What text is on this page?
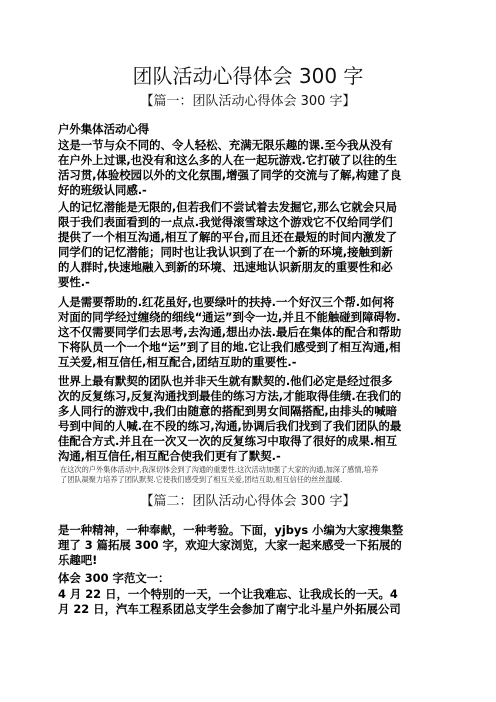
团队活动心得体会 300 字
【篇一：团队活动心得体会 300 字】
户外集体活动心得
这是一节与众不同的、令人轻松、充满无限乐趣的课.至今我从没有
在户外上过课,也没有和这么多的人在一起玩游戏.它打破了以往的生
活习贯,体验校园以外的文化氛围,增强了同学的交流与了解,构建了良
好的班级认同感.-
人的记忆潜能是无限的,但若我们不尝试着去发掘它,那么它就会只局
限于我们表面看到的一点点.我觉得滚雪球这个游戏它不仅给同学们
提供了一个相互沟通,相互了解的平台,而且还在最短的时间内激发了
同学们的记忆潜能；同时也让我认识到了在一个新的环境,接触到新
的人群时,快速地融入到新的环境、迅速地认识新朋友的重要性和必
要性.-
人是需要帮助的.红花虽好,也要绿叶的扶持.一个好汉三个帮.如何将
对面的同学经过缠绕的细线“通运”到令一边,并且不能触碰到障碍物.
这不仅需要同学们去思考,去沟通,想出办法.最后在集体的配合和帮助
下将队员一个一个地“运”到了目的地.它让我们感受到了相互沟通,相
互关爱,相互信任,相互配合,团结互助的重要性.-
世界上最有默契的团队也并非天生就有默契的.他们必定是经过很多
次的反复练习,反复沟通找到最佳的练习方法,才能取得佳绩.在我们的
多人同行的游戏中,我们由随意的搭配到男女间隔搭配,由排头的喊暗
号到中间的人喊.在不段的练习,沟通,协调后我们找到了我们团队的最
佳配合方式.并且在一次又一次的反复练习中取得了很好的成果.相互
沟通,相互信任,相互配合使我们更有了默契.-
在这次的户外集体活动中,我深切体会到了沟通的重要性.这次活动加强了大家的沟通,加深了感情,培养
了团队凝聚力培养了团队默契.它使我们感受到了相互关爱,团结互助,相互信任的丝丝温暖.
【篇二：团队活动心得体会 300 字】
是一种精神，一种奉献，一种考验。下面，yjbys 小编为大家搜集整
理了 3 篇拓展 300 字，欢迎大家浏览，大家一起来感受一下拓展的
乐趣吧!
体会 300 字范文一：
4 月 22 日，一个特别的一天，一个让我难忘、让我成长的一天。4
月 22 日，汽车工程系团总支学生会参加了南宁北斗星户外拓展公司
